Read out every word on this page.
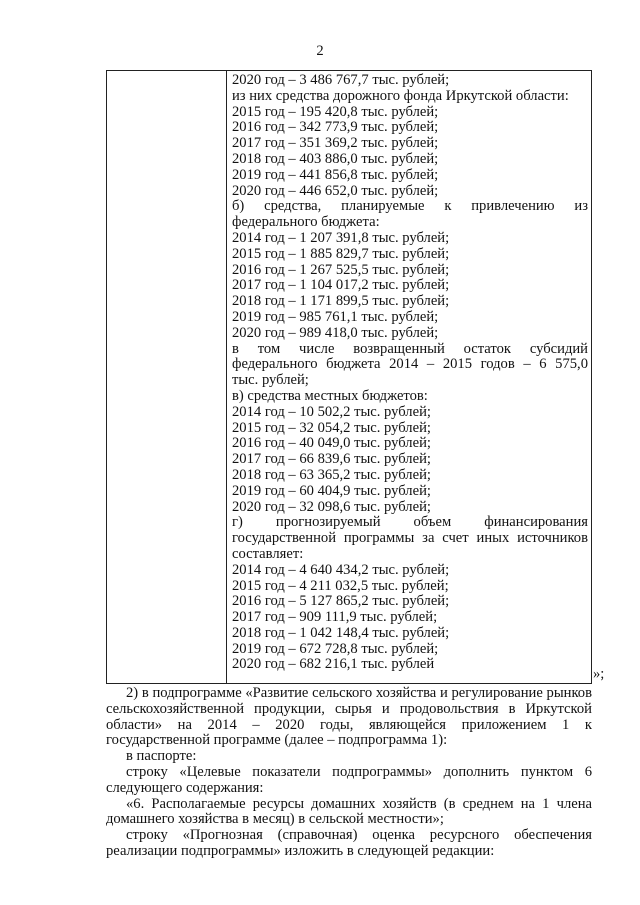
2
2020 год – 3 486 767,7 тыс. рублей;
из них средства дорожного фонда Иркутской области:
2015 год – 195 420,8 тыс. рублей;
2016 год – 342 773,9 тыс. рублей;
2017 год – 351 369,2 тыс. рублей;
2018 год – 403 886,0 тыс. рублей;
2019 год – 441 856,8 тыс. рублей;
2020 год – 446 652,0 тыс. рублей;
б) средства, планируемые к привлечению из
федерального бюджета:
2014 год – 1 207 391,8 тыс. рублей;
2015 год – 1 885 829,7 тыс. рублей;
2016 год – 1 267 525,5 тыс. рублей;
2017 год – 1 104 017,2 тыс. рублей;
2018 год – 1 171 899,5 тыс. рублей;
2019 год – 985 761,1 тыс. рублей;
2020 год – 989 418,0 тыс. рублей;
в том числе возвращенный остаток субсидий
федерального бюджета 2014 – 2015 годов – 6 575,0
тыс. рублей;
в) средства местных бюджетов:
2014 год – 10 502,2 тыс. рублей;
2015 год – 32 054,2 тыс. рублей;
2016 год – 40 049,0 тыс. рублей;
2017 год – 66 839,6 тыс. рублей;
2018 год – 63 365,2 тыс. рублей;
2019 год – 60 404,9 тыс. рублей;
2020 год – 32 098,6 тыс. рублей;
г) прогнозируемый объем финансирования
государственной программы за счет иных источников
составляет:
2014 год – 4 640 434,2 тыс. рублей;
2015 год – 4 211 032,5 тыс. рублей;
2016 год – 5 127 865,2 тыс. рублей;
2017 год – 909 111,9 тыс. рублей;
2018 год – 1 042 148,4 тыс. рублей;
2019 год – 672 728,8 тыс. рублей;
2020 год – 682 216,1 тыс. рублей
»;
2) в подпрограмме «Развитие сельского хозяйства и регулирование рынков сельскохозяйственной продукции, сырья и продовольствия в Иркутской области» на 2014 – 2020 годы, являющейся приложением 1 к государственной программе (далее – подпрограмма 1):
в паспорте:
строку «Целевые показатели подпрограммы» дополнить пунктом 6 следующего содержания:
«6. Располагаемые ресурсы домашних хозяйств (в среднем на 1 члена домашнего хозяйства в месяц) в сельской местности»;
строку «Прогнозная (справочная) оценка ресурсного обеспечения реализации подпрограммы» изложить в следующей редакции:
